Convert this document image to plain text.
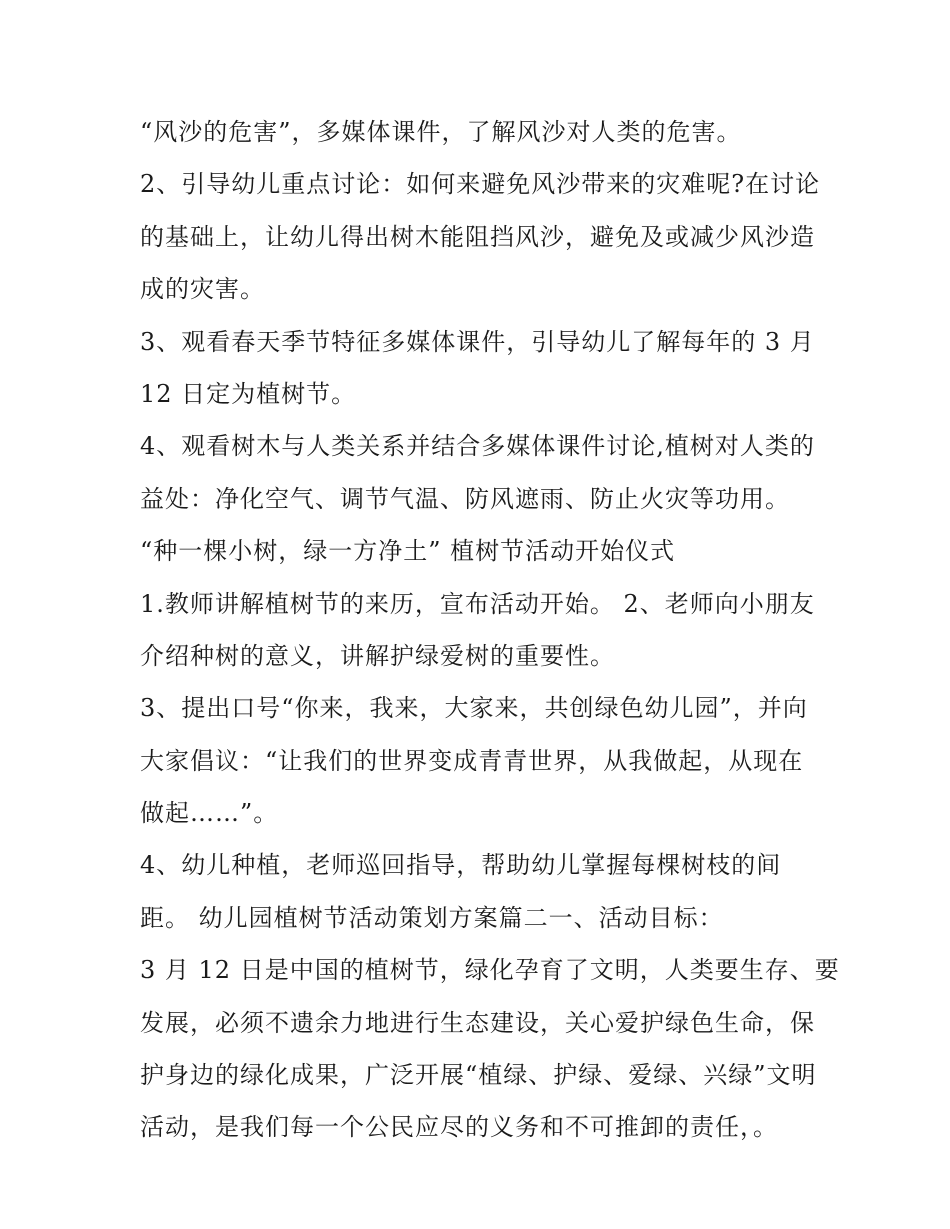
“风沙的危害”，多媒体课件，了解风沙对人类的危害。
2、引导幼儿重点讨论：如何来避免风沙带来的灾难呢?在讨论
的基础上，让幼儿得出树木能阻挡风沙，避免及或减少风沙造
成的灾害。
3、观看春天季节特征多媒体课件，引导幼儿了解每年的 3 月
12 日定为植树节。
4、观看树木与人类关系并结合多媒体课件讨论,植树对人类的
益处：净化空气、调节气温、防风遮雨、防止火灾等功用。
“种一棵小树，绿一方净土” 植树节活动开始仪式
1.教师讲解植树节的来历，宣布活动开始。 2、老师向小朋友
介绍种树的意义，讲解护绿爱树的重要性。
3、提出口号“你来，我来，大家来，共创绿色幼儿园”，并向
大家倡议：“让我们的世界变成青青世界，从我做起，从现在
做起……”。
4、幼儿种植，老师巡回指导，帮助幼儿掌握每棵树枝的间
距。 幼儿园植树节活动策划方案篇二一、活动目标：
3 月 12 日是中国的植树节，绿化孕育了文明，人类要生存、要
发展，必须不遗余力地进行生态建设，关心爱护绿色生命，保
护身边的绿化成果，广泛开展“植绿、护绿、爱绿、兴绿”文明
活动，是我们每一个公民应尽的义务和不可推卸的责任，。
